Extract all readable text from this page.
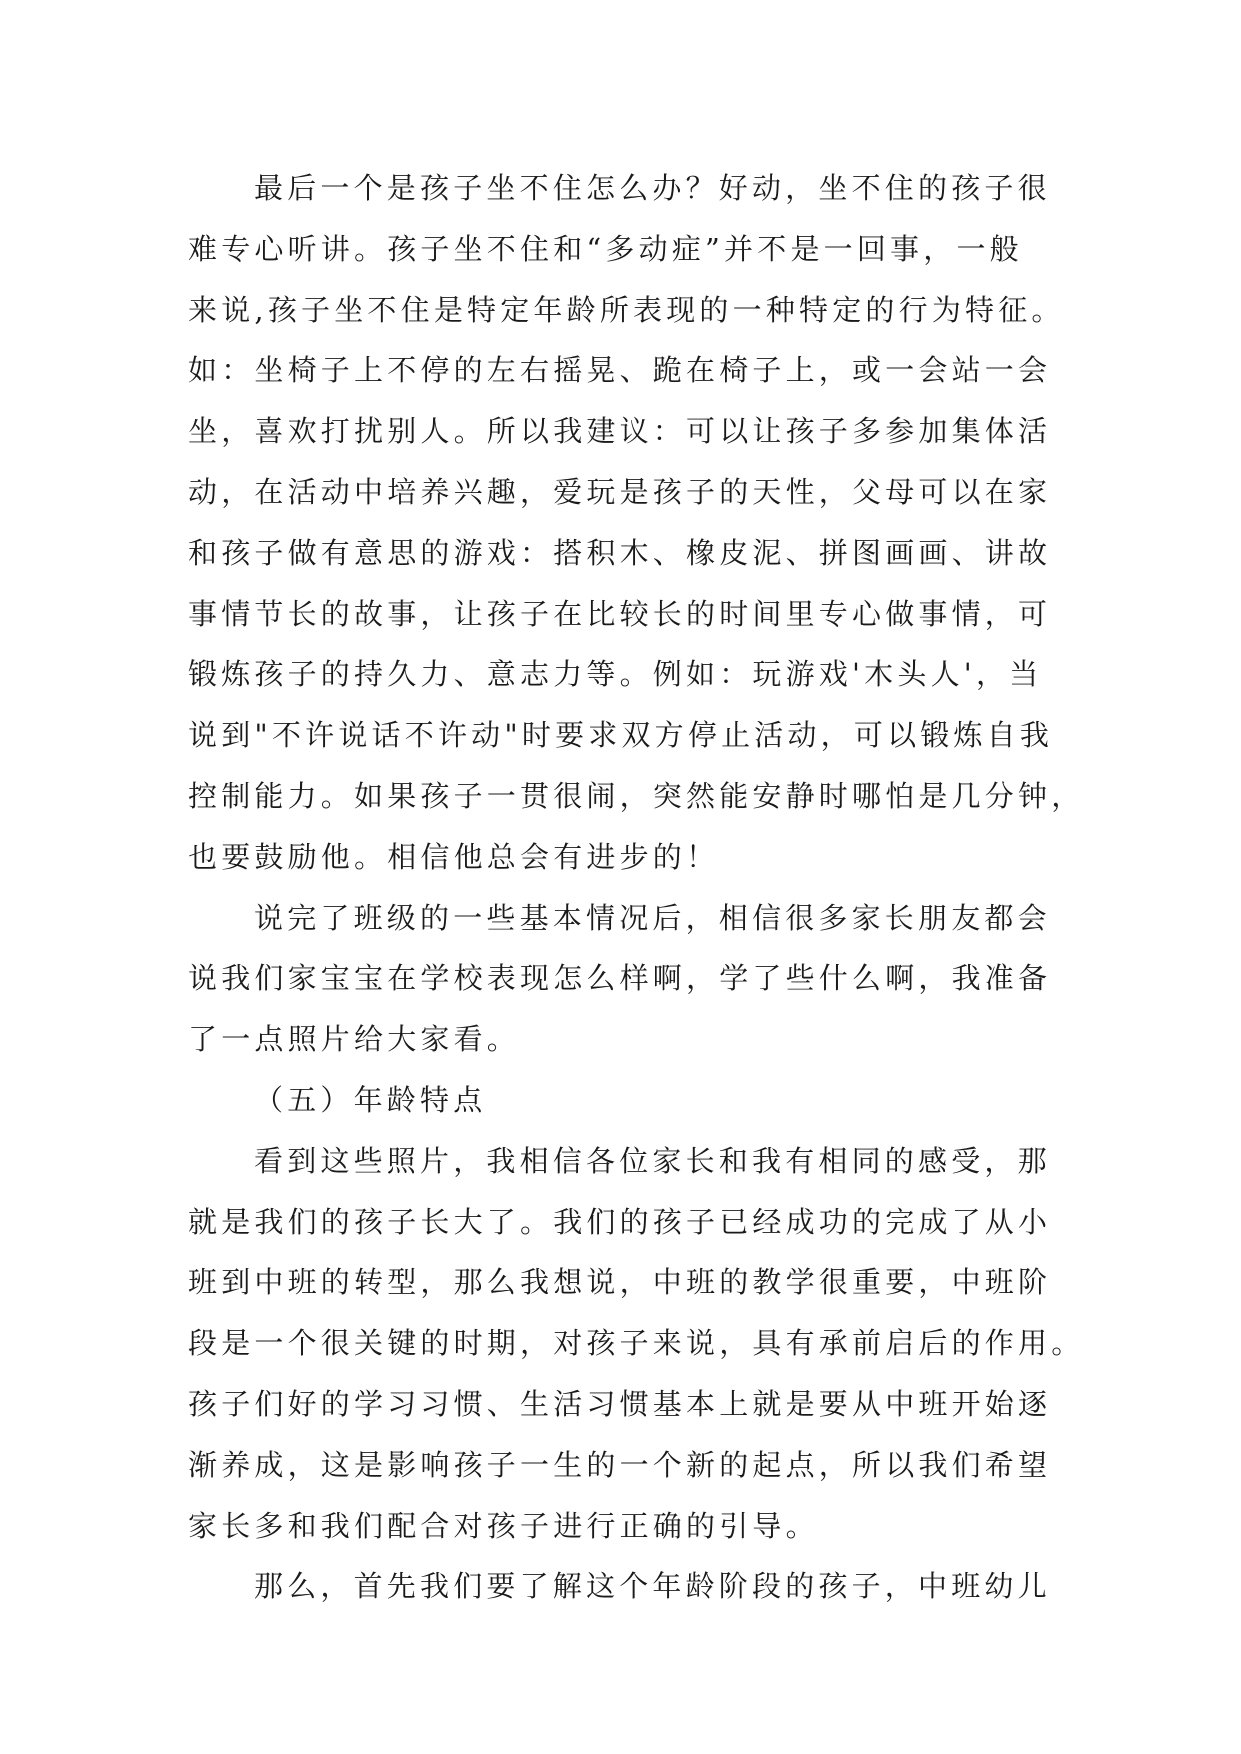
最后一个是孩子坐不住怎么办？好动，坐不住的孩子很
难专心听讲。孩子坐不住和“多动症”并不是一回事，一般
来说,孩子坐不住是特定年龄所表现的一种特定的行为特征。
如：坐椅子上不停的左右摇晃、跪在椅子上，或一会站一会
坐，喜欢打扰别人。所以我建议：可以让孩子多参加集体活
动，在活动中培养兴趣，爱玩是孩子的天性，父母可以在家
和孩子做有意思的游戏：搭积木、橡皮泥、拼图画画、讲故
事情节长的故事，让孩子在比较长的时间里专心做事情，可
锻炼孩子的持久力、意志力等。例如：玩游戏'木头人'，当
说到"不许说话不许动"时要求双方停止活动，可以锻炼自我
控制能力。如果孩子一贯很闹，突然能安静时哪怕是几分钟，
也要鼓励他。相信他总会有进步的！
说完了班级的一些基本情况后，相信很多家长朋友都会
说我们家宝宝在学校表现怎么样啊，学了些什么啊，我准备
了一点照片给大家看。
（五）年龄特点
看到这些照片，我相信各位家长和我有相同的感受，那
就是我们的孩子长大了。我们的孩子已经成功的完成了从小
班到中班的转型，那么我想说，中班的教学很重要，中班阶
段是一个很关键的时期，对孩子来说，具有承前启后的作用。
孩子们好的学习习惯、生活习惯基本上就是要从中班开始逐
渐养成，这是影响孩子一生的一个新的起点，所以我们希望
家长多和我们配合对孩子进行正确的引导。
那么，首先我们要了解这个年龄阶段的孩子，中班幼儿
